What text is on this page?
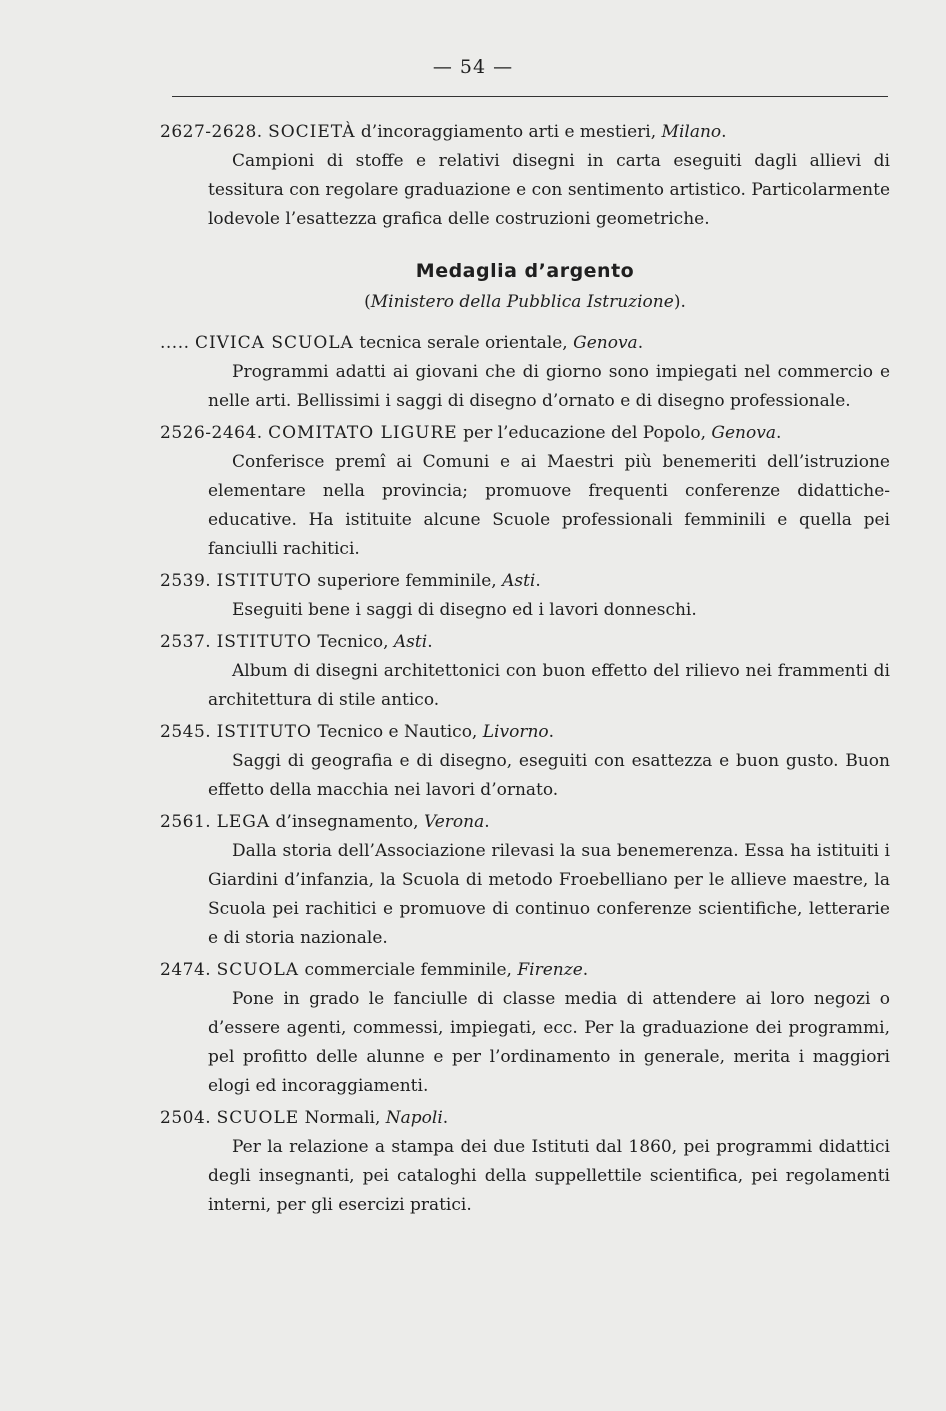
— 54 —
2627-2628. SOCIETÀ d’incoraggiamento arti e mestieri, Milano.

Campioni di stoffe e relativi disegni in carta eseguiti dagli allievi di tessitura con regolare graduazione e con sentimento artistico. Particolarmente lodevole l’esattezza grafica delle costruzioni geometriche.

Medaglia d’argento
(Ministero della Pubblica Istruzione).
..... CIVICA SCUOLA tecnica serale orientale, Genova.

Programmi adatti ai giovani che di giorno sono impiegati nel commercio e nelle arti. Bellissimi i saggi di disegno d’ornato e di disegno professionale.

2526-2464. COMITATO LIGURE per l’educazione del Popolo, Genova.

Conferisce premî ai Comuni e ai Maestri più benemeriti dell’istruzione elementare nella provincia; promuove frequenti conferenze didattiche-educative. Ha istituite alcune Scuole professionali femminili e quella pei fanciulli rachitici.

2539. ISTITUTO superiore femminile, Asti.

Eseguiti bene i saggi di disegno ed i lavori donneschi.

2537. ISTITUTO Tecnico, Asti.

Album di disegni architettonici con buon effetto del rilievo nei frammenti di architettura di stile antico.

2545. ISTITUTO Tecnico e Nautico, Livorno.

Saggi di geografia e di disegno, eseguiti con esattezza e buon gusto. Buon effetto della macchia nei lavori d’ornato.

2561. LEGA d’insegnamento, Verona.

Dalla storia dell’Associazione rilevasi la sua benemerenza. Essa ha istituiti i Giardini d’infanzia, la Scuola di metodo Froebelliano per le allieve maestre, la Scuola pei rachitici e promuove di continuo conferenze scientifiche, letterarie e di storia nazionale.

2474. SCUOLA commerciale femminile, Firenze.

Pone in grado le fanciulle di classe media di attendere ai loro negozi o d’essere agenti, commessi, impiegati, ecc. Per la graduazione dei programmi, pel profitto delle alunne e per l’ordinamento in generale, merita i maggiori elogi ed incoraggiamenti.

2504. SCUOLE Normali, Napoli.

Per la relazione a stampa dei due Istituti dal 1860, pei programmi didattici degli insegnanti, pei cataloghi della suppellettile scientifica, pei regolamenti interni, per gli esercizi pratici.
